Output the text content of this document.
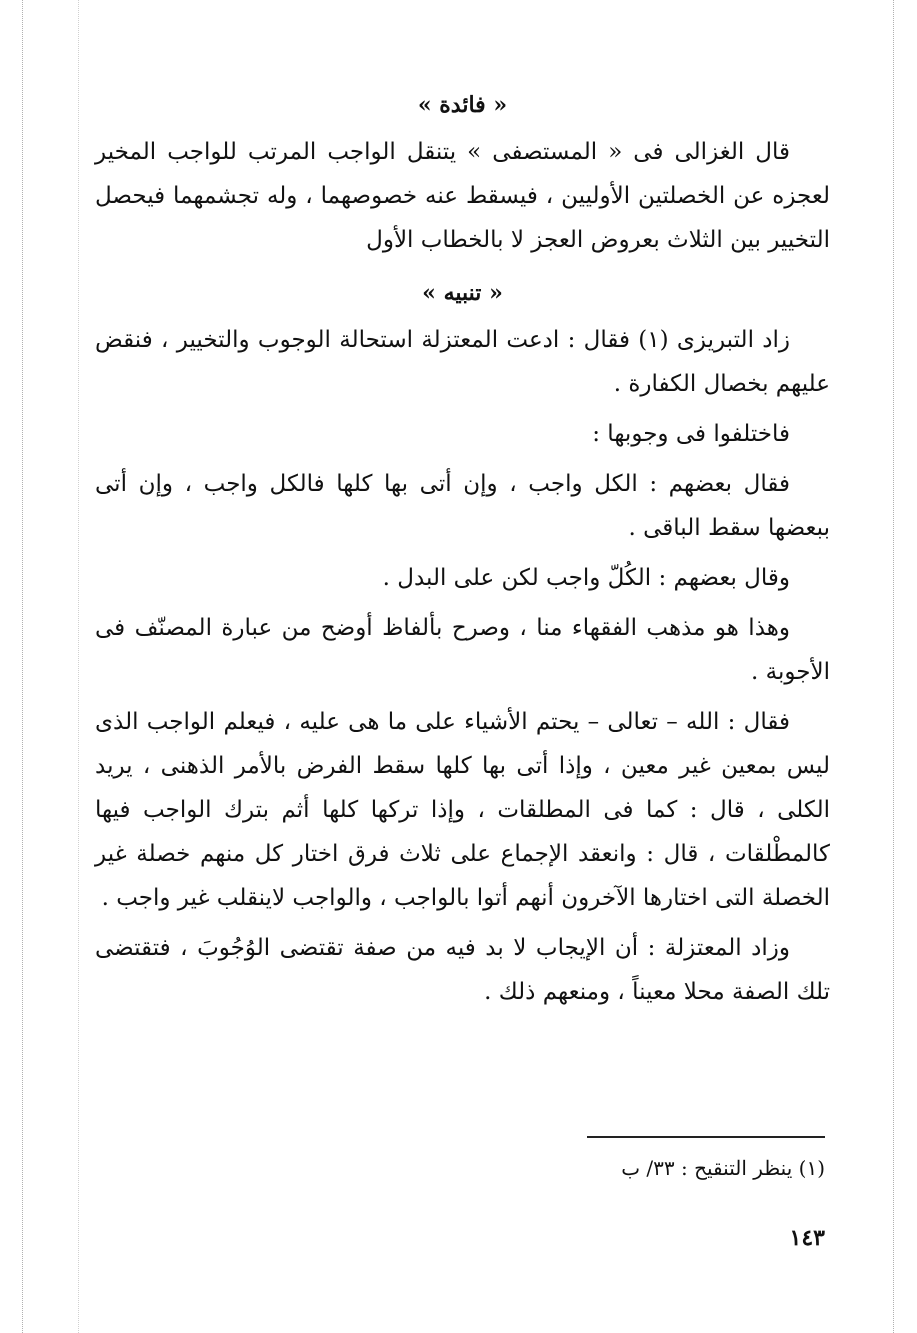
« فائدة »

قال الغزالى فى « المستصفى » يتنقل الواجب المرتب للواجب المخير لعجزه عن الخصلتين الأوليين ، فيسقط عنه خصوصهما ، وله تجشمهما فيحصل التخيير بين الثلاث بعروض العجز لا بالخطاب الأول

« تنبيه »

زاد التبريزى (١) فقال : ادعت المعتزلة استحالة الوجوب والتخيير ، فنقض عليهم بخصال الكفارة .

فاختلفوا فى وجوبها :

فقال بعضهم : الكل واجب ، وإن أتى بها كلها فالكل واجب ، وإن أتى ببعضها سقط الباقى .

وقال بعضهم : الكُلّ واجب لكن على البدل .

وهذا هو مذهب الفقهاء منا ، وصرح بألفاظ أوضح من عبارة المصنّف فى الأجوبة .

فقال : الله – تعالى – يحتم الأشياء على ما هى عليه ، فيعلم الواجب الذى ليس بمعين غير معين ، وإذا أتى بها كلها سقط الفرض بالأمر الذهنى ، يريد الكلى ، قال : كما فى المطلقات ، وإذا تركها كلها أثم بترك الواجب فيها كالمطْلقات ، قال : وانعقد الإجماع على ثلاث فرق اختار كل منهم خصلة غير الخصلة التى اختارها الآخرون أنهم أتوا بالواجب ، والواجب لاينقلب غير واجب .

وزاد المعتزلة : أن الإيجاب لا بد فيه من صفة تقتضى الوُجُوبَ ، فتقتضى تلك الصفة محلا معيناً ، ومنعهم ذلك .

(١) ينظر التنقيح : ٣٣/ ب

١٤٣
